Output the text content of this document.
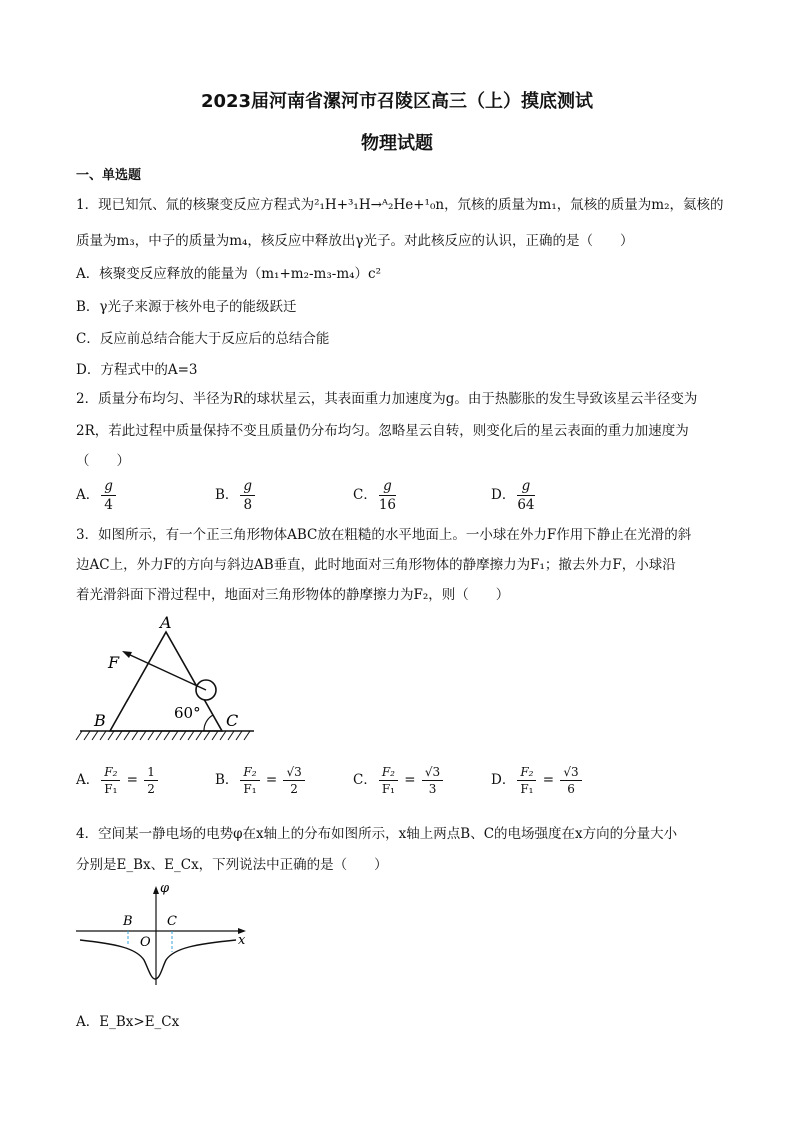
2023届河南省漯河市召陵区高三（上）摸底测试
物理试题
一、单选题
1．现已知氘、氚的核聚变反应方程式为²₁H+³₁H→ᴬ₂He+¹₀n，氘核的质量为m₁，氚核的质量为m₂，氦核的
质量为m₃，中子的质量为m₄，核反应中释放出γ光子。对此核反应的认识，正确的是（　　）
A．核聚变反应释放的能量为（m₁+m₂-m₃-m₄）c²
B．γ光子来源于核外电子的能级跃迁
C．反应前总结合能大于反应后的总结合能
D．方程式中的A=3
2．质量分布均匀、半径为R的球状星云，其表面重力加速度为g。由于热膨胀的发生导致该星云半径变为
2R，若此过程中质量保持不变且质量仍分布均匀。忽略星云自转，则变化后的星云表面的重力加速度为
（　　）
A． $\frac{g}{4}$	B． $\frac{g}{8}$	C． $\frac{g}{16}$	D． $\frac{g}{64}$
3．如图所示，有一个正三角形物体ABC放在粗糙的水平地面上。一小球在外力F作用下静止在光滑的斜
边AC上，外力F的方向与斜边AB垂直，此时地面对三角形物体的静摩擦力为F₁；撤去外力F，小球沿
着光滑斜面下滑过程中，地面对三角形物体的静摩擦力为F₂，则（　　）
A
B	C
F
60°
A． $\frac{\text{F₂}}{\text{F₁}} = \frac{1}{2}$	B． $\frac{\text{F₂}}{\text{F₁}} = \frac{√3}{2}$	C． $\frac{\text{F₂}}{\text{F₁}} = \frac{√3}{3}$	D． $\frac{\text{F₂}}{\text{F₁}} = \frac{√3}{6}$
4．空间某一静电场的电势φ在x轴上的分布如图所示，x轴上两点B、C的电场强度在x方向的分量大小
分别是E_Bx、E_Cx，下列说法中正确的是（　　）
φ
x
O
B	C
A．E_Bx>E_Cx
